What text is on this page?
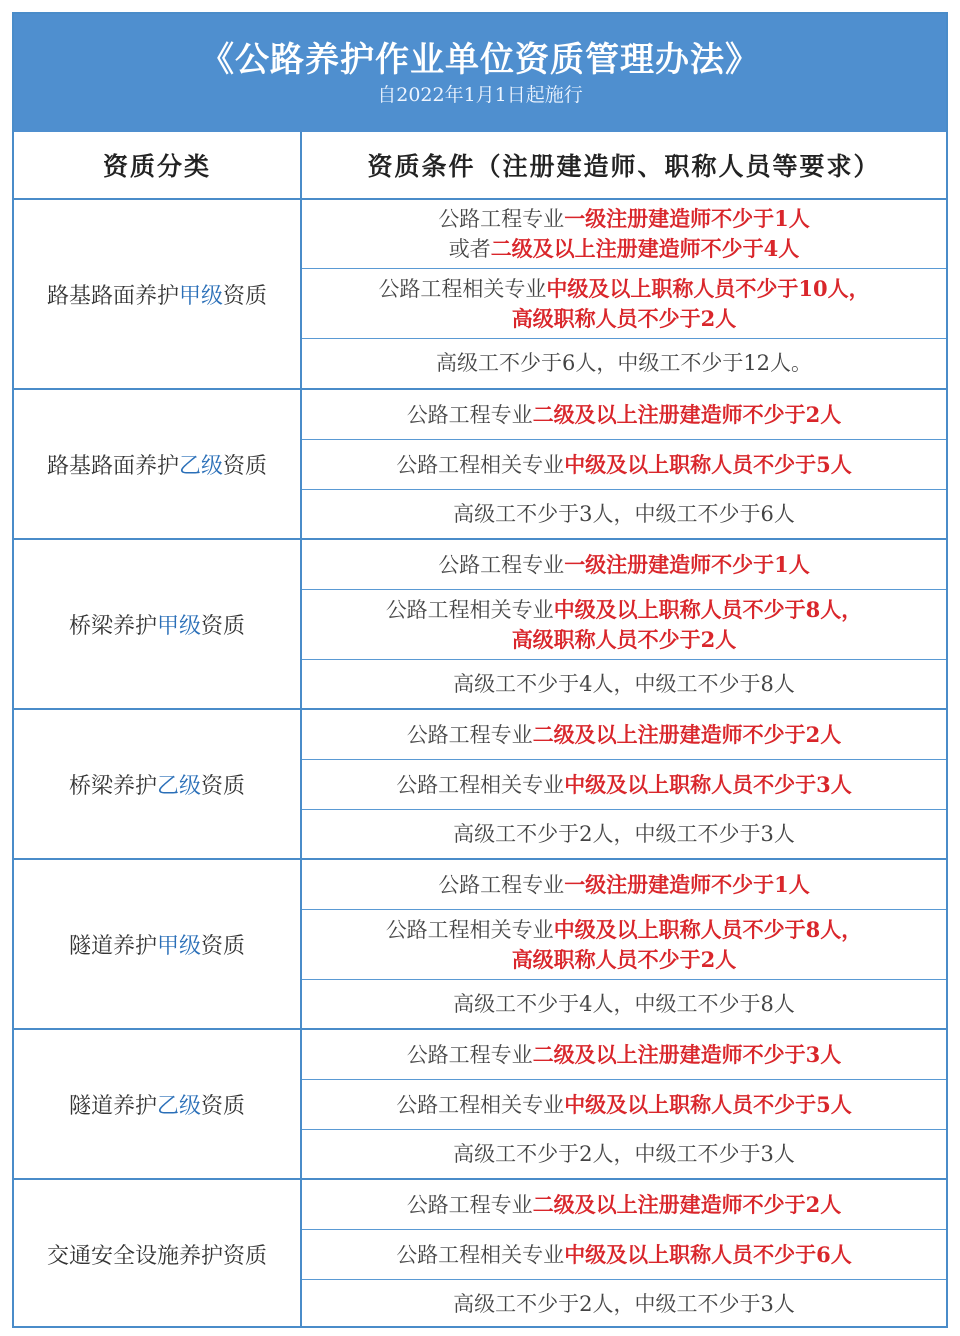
《公路养护作业单位资质管理办法》
自2022年1月1日起施行
资质分类	资质条件（注册建造师、职称人员等要求）
路基路面养护 甲级 资质
公路工程专业一级注册建造师不少于1人
或者二级及以上注册建造师不少于4人
公路工程相关专业中级及以上职称人员不少于10人，
高级职称人员不少于2人
高级工不少于6人，中级工不少于12人。
路基路面养护 乙级 资质
公路工程专业二级及以上注册建造师不少于2人
公路工程相关专业中级及以上职称人员不少于5人
高级工不少于3人，中级工不少于6人
桥梁养护 甲级 资质
公路工程专业一级注册建造师不少于1人
公路工程相关专业中级及以上职称人员不少于8人，
高级职称人员不少于2人
高级工不少于4人，中级工不少于8人
桥梁养护 乙级 资质
公路工程专业二级及以上注册建造师不少于2人
公路工程相关专业中级及以上职称人员不少于3人
高级工不少于2人，中级工不少于3人
隧道养护 甲级 资质
公路工程专业一级注册建造师不少于1人
公路工程相关专业中级及以上职称人员不少于8人，
高级职称人员不少于2人
高级工不少于4人，中级工不少于8人
隧道养护 乙级 资质
公路工程专业二级及以上注册建造师不少于3人
公路工程相关专业中级及以上职称人员不少于5人
高级工不少于2人，中级工不少于3人
交通安全设施养护资质
公路工程专业二级及以上注册建造师不少于2人
公路工程相关专业中级及以上职称人员不少于6人
高级工不少于2人，中级工不少于3人
